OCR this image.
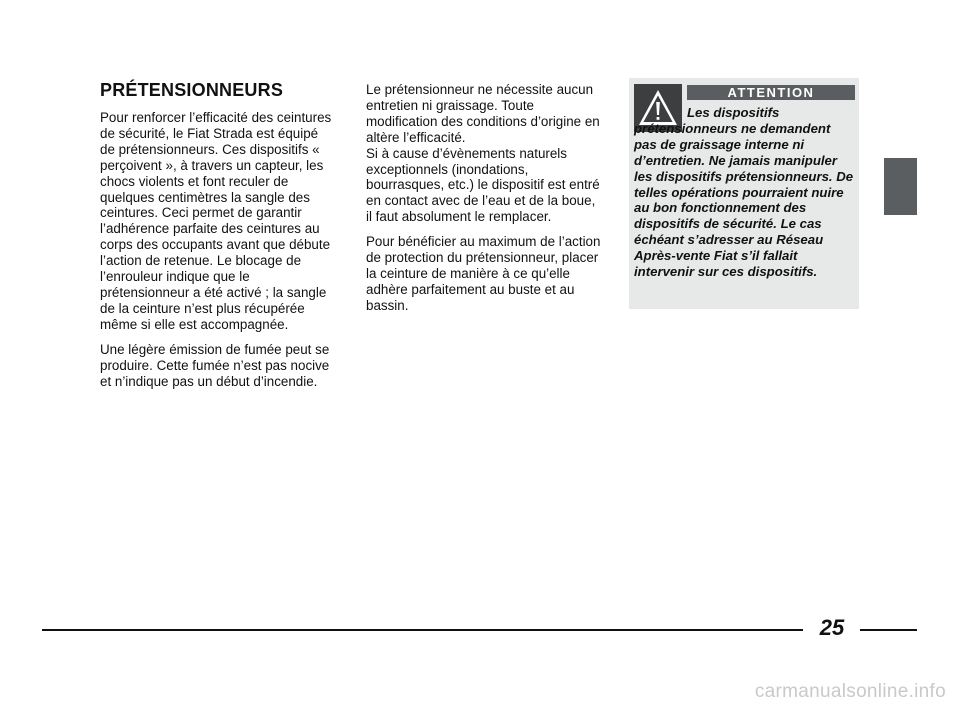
PRÉTENSIONNEURS

Pour renforcer l’efficacité des ceintures de sécurité, le Fiat Strada est équipé de prétensionneurs. Ces dispositifs « perçoivent », à travers un capteur, les chocs violents et font reculer de quelques centimètres la sangle des ceintures. Ceci permet de garantir l’adhérence parfaite des ceintures au corps des occupants avant que débute l’action de retenue. Le blocage de l’enrouleur indique que le prétensionneur a été activé ; la sangle de la ceinture n’est plus récupérée même si elle est accompagnée.

Une légère émission de fumée peut se produire. Cette fumée n’est pas nocive et n’indique pas un début d’incendie.

Le prétensionneur ne nécessite aucun entretien ni graissage. Toute modification des conditions d’origine en altère l’efficacité.

Si à cause d’évènements naturels exceptionnels (inondations, bourrasques, etc.) le dispositif est entré en contact avec de l’eau et de la boue, il faut absolument le remplacer.

Pour bénéficier au maximum de l’action de protection du prétensionneur, placer la ceinture de manière à ce qu’elle adhère parfaitement au buste et au bassin.

ATTENTION
Les dispositifs prétensionneurs ne demandent pas de graissage interne ni d’entretien. Ne jamais manipuler les dispositifs prétensionneurs. De telles opérations pourraient nuire au bon fonctionnement des dispositifs de sécurité. Le cas échéant s’adresser au Réseau Après-vente Fiat s’il fallait intervenir sur ces dispositifs.
25
carmanualsonline.info
